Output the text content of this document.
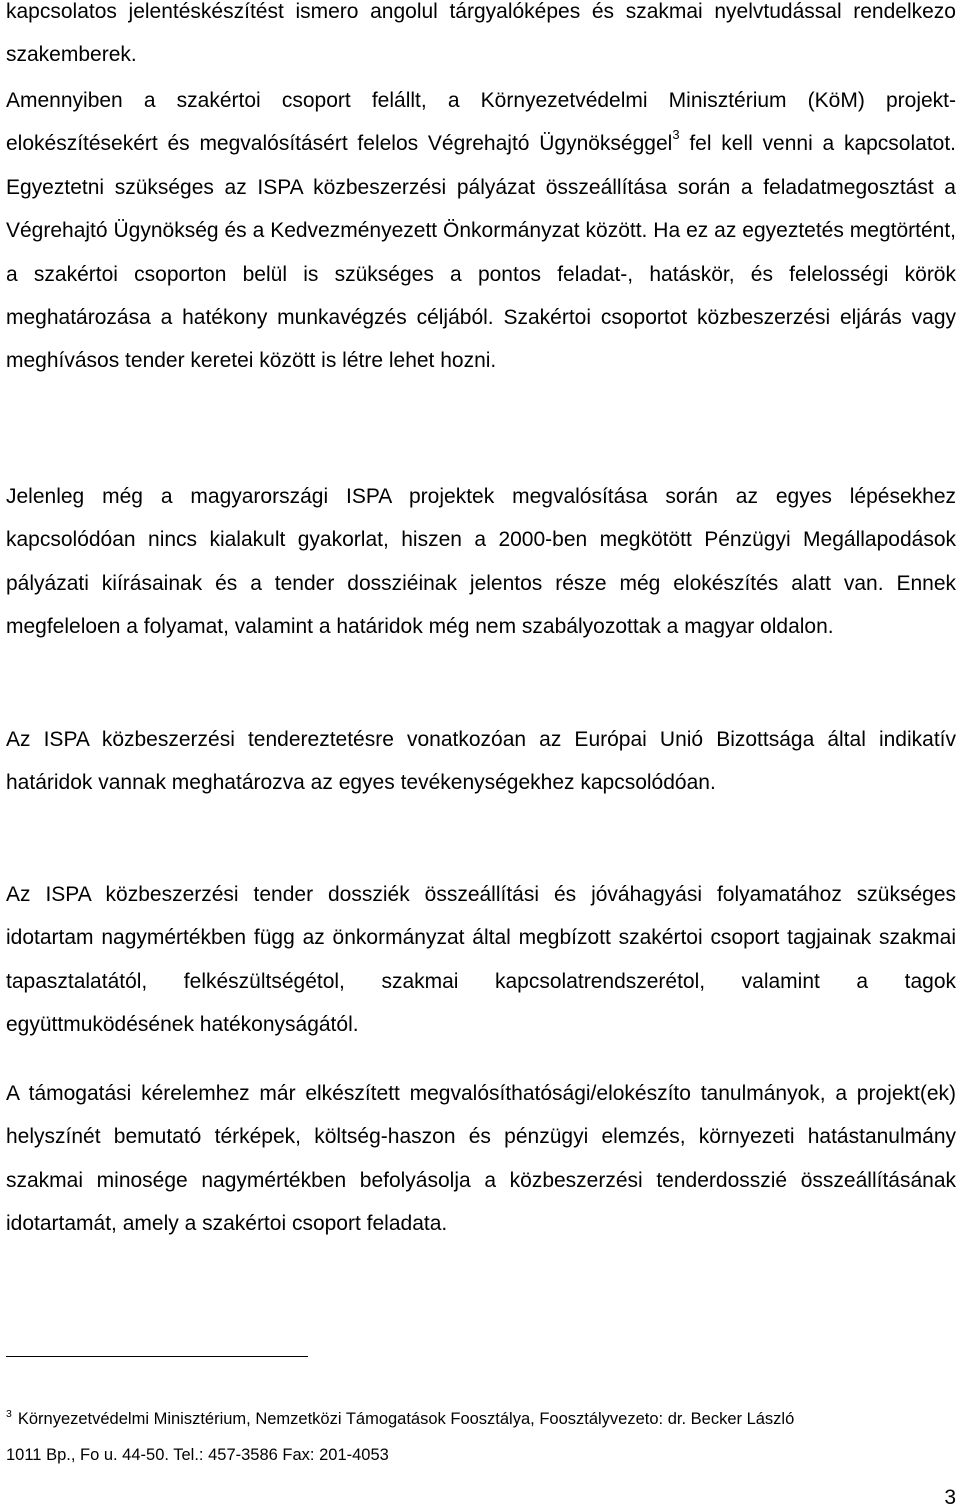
kapcsolatos jelentéskészítést ismero angolul tárgyalóképes és szakmai nyelvtudással rendelkezo szakemberek.

Amennyiben a szakértoi csoport felállt, a Környezetvédelmi Minisztérium (KöM) projekt-elokészítésekért és megvalósításért felelos Végrehajtó Ügynökséggel$^3$ fel kell venni a kapcsolatot. Egyeztetni szükséges az ISPA közbeszerzési pályázat összeállítása során a feladatmegosztást a Végrehajtó Ügynökség és a Kedvezményezett Önkormányzat között. Ha ez az egyeztetés megtörtént, a szakértoi csoporton belül is szükséges a pontos feladat-, hatáskör, és felelosségi körök meghatározása a hatékony munkavégzés céljából. Szakértoi csoportot közbeszerzési eljárás vagy meghívásos tender keretei között is létre lehet hozni.

Jelenleg még a magyarországi ISPA projektek megvalósítása során az egyes lépésekhez kapcsolódóan nincs kialakult gyakorlat, hiszen a 2000-ben megkötött Pénzügyi Megállapodások pályázati kiírásainak és a tender dossziéinak jelentos része még elokészítés alatt van. Ennek megfeleloen a folyamat, valamint a határidok még nem szabályozottak a magyar oldalon.

Az ISPA közbeszerzési tendereztetésre vonatkozóan az Európai Unió Bizottsága által indikatív határidok vannak meghatározva az egyes tevékenységekhez kapcsolódóan.

Az ISPA közbeszerzési tender dossziék összeállítási és jóváhagyási folyamatához szükséges idotartam nagymértékben függ az önkormányzat által megbízott szakértoi csoport tagjainak szakmai tapasztalatától, felkészültségétol, szakmai kapcsolatrendszerétol, valamint a tagok együttmuködésének hatékonyságától.

A támogatási kérelemhez már elkészített megvalósíthatósági/elokészíto tanulmányok, a projekt(ek) helyszínét bemutató térképek, költség-haszon és pénzügyi elemzés, környezeti hatástanulmány szakmai minosége nagymértékben befolyásolja a közbeszerzési tenderdosszié összeállításának idotartamát, amely a szakértoi csoport feladata.

$^3$ Környezetvédelmi Minisztérium, Nemzetközi Támogatások Foosztálya, Foosztályvezeto: dr. Becker László
1011 Bp., Fo u. 44-50. Tel.: 457-3586 Fax: 201-4053
3
